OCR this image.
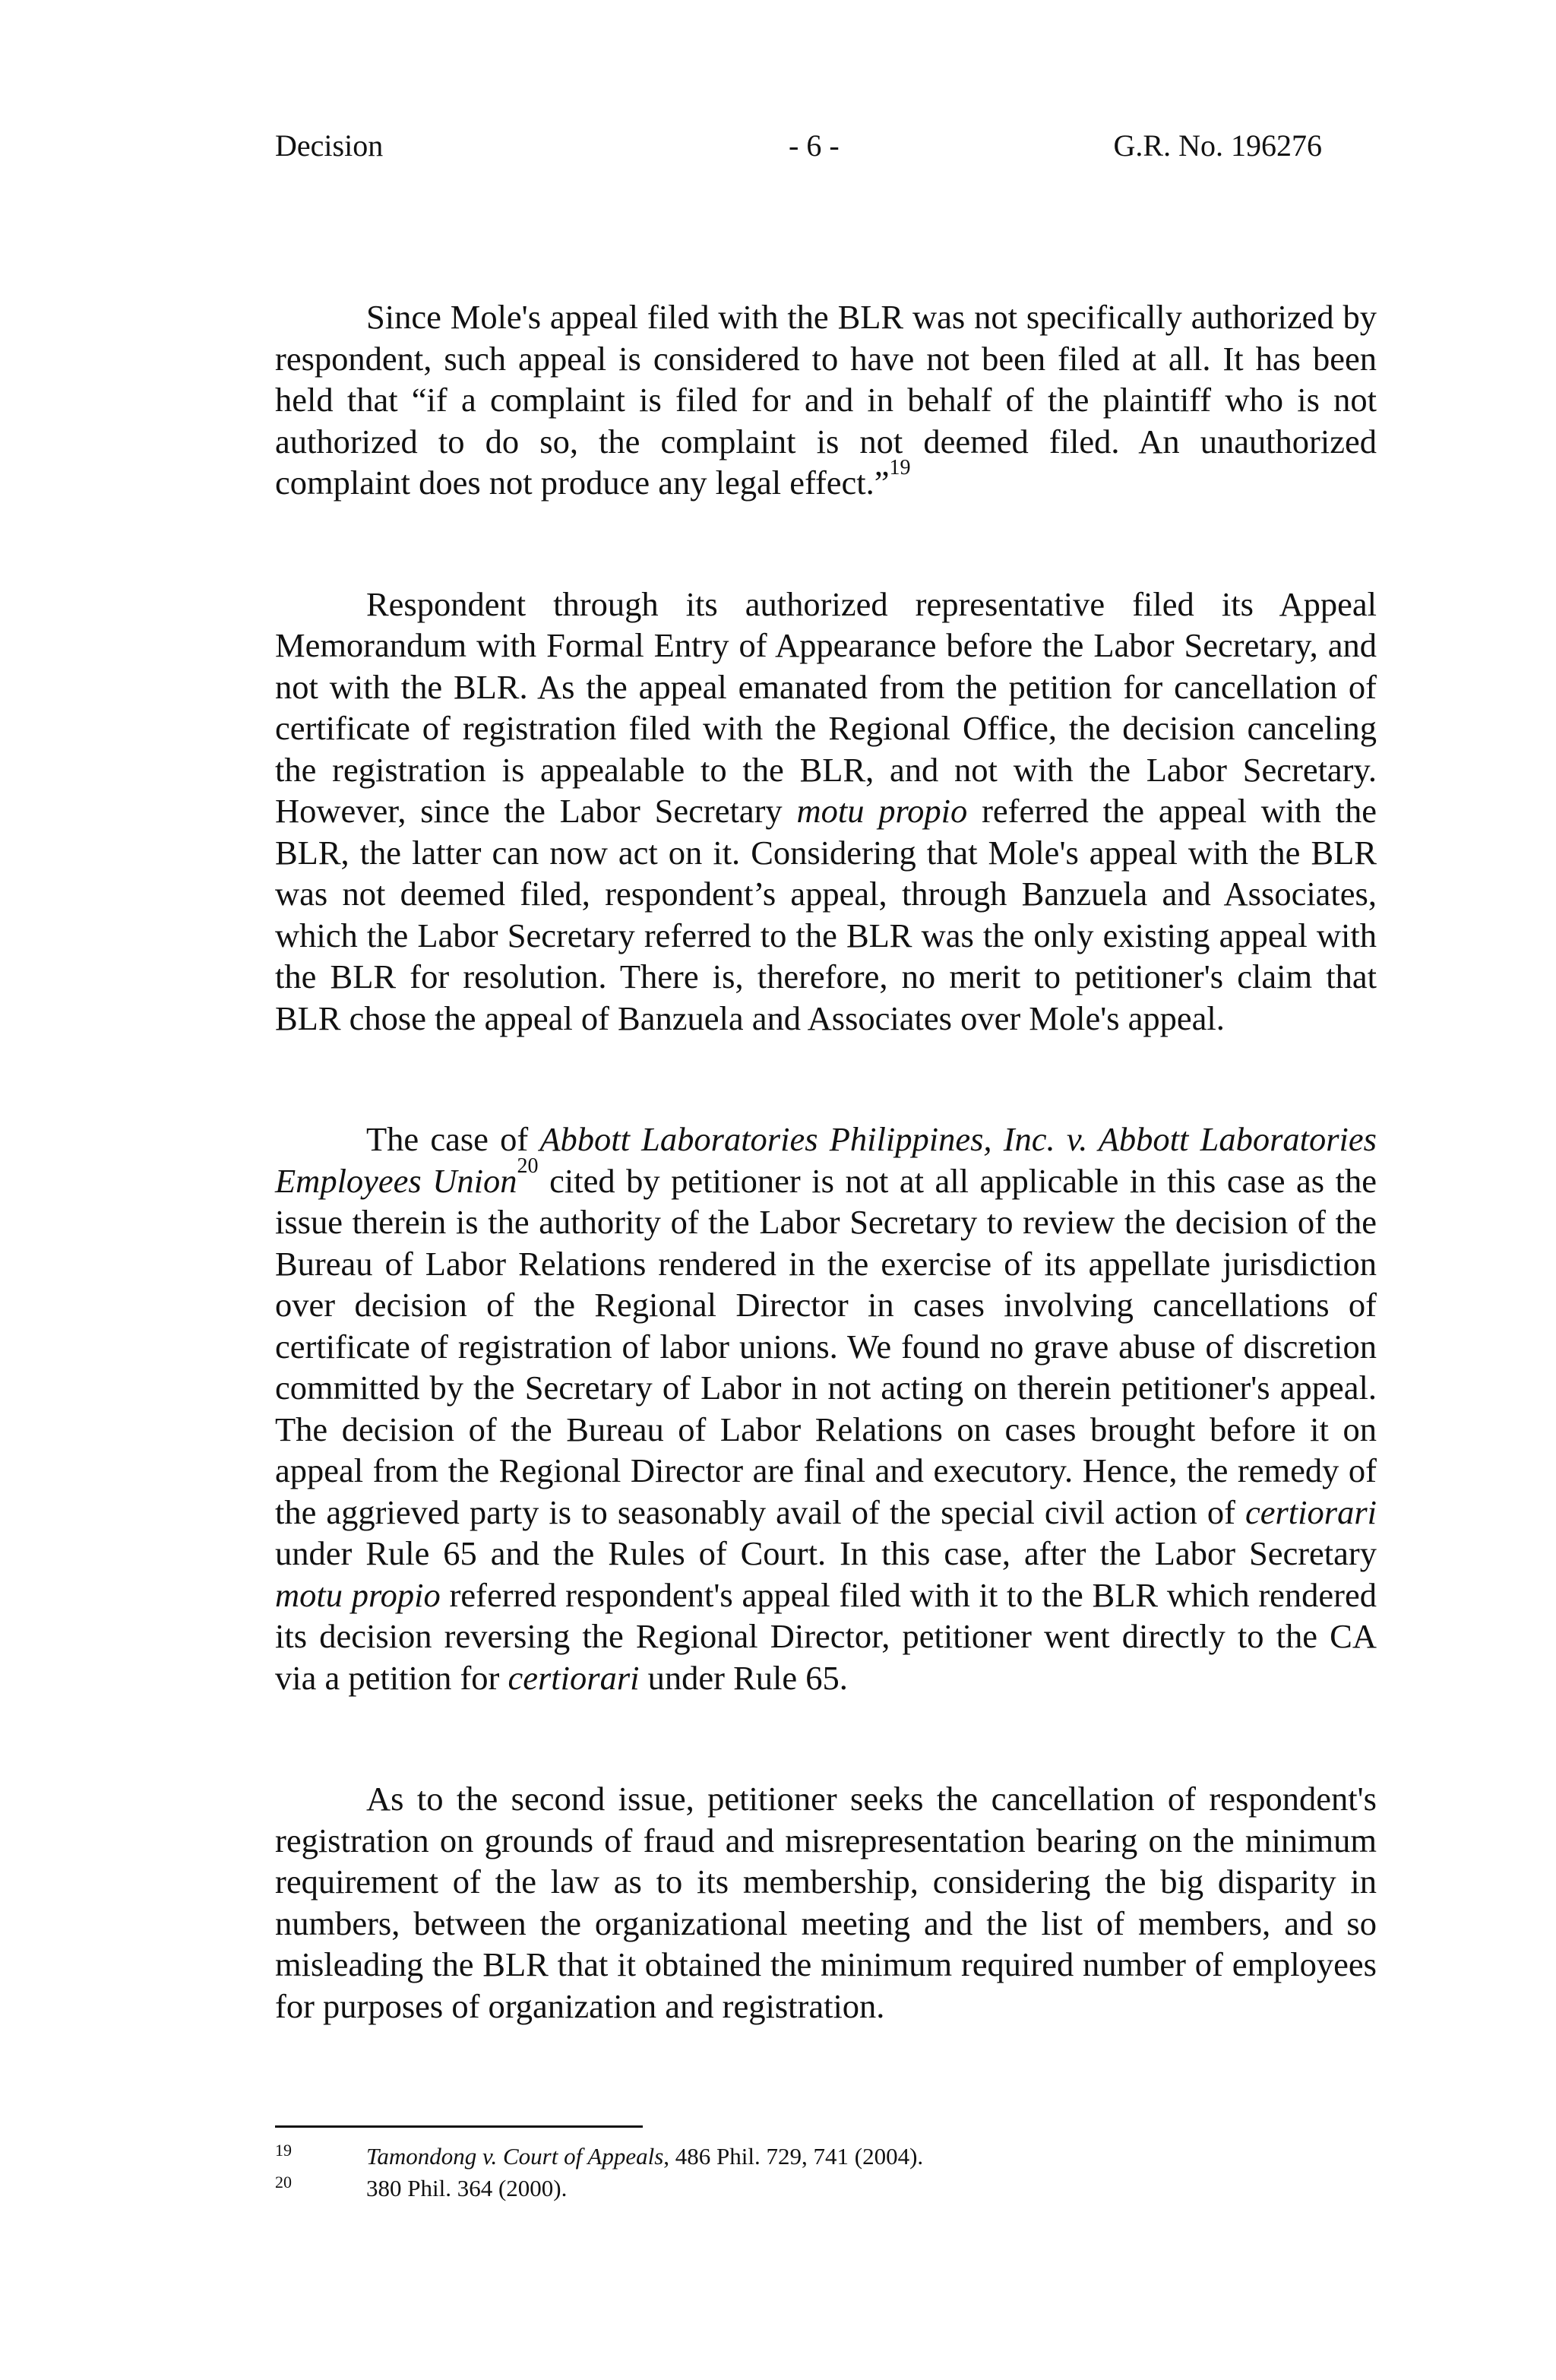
Decision	- 6 -	G.R. No. 196276

Since Mole's appeal filed with the BLR was not specifically authorized by respondent, such appeal is considered to have not been filed at all. It has been held that “if a complaint is filed for and in behalf of the plaintiff who is not authorized to do so, the complaint is not deemed filed. An unauthorized complaint does not produce any legal effect.”$^{19}$

Respondent through its authorized representative filed its Appeal Memorandum with Formal Entry of Appearance before the Labor Secretary, and not with the BLR. As the appeal emanated from the petition for cancellation of certificate of registration filed with the Regional Office, the decision canceling the registration is appealable to the BLR, and not with the Labor Secretary. However, since the Labor Secretary motu propio referred the appeal with the BLR, the latter can now act on it. Considering that Mole's appeal with the BLR was not deemed filed, respondent’s appeal, through Banzuela and Associates, which the Labor Secretary referred to the BLR was the only existing appeal with the BLR for resolution. There is, therefore, no merit to petitioner's claim that BLR chose the appeal of Banzuela and Associates over Mole's appeal.

The case of Abbott Laboratories Philippines, Inc. v. Abbott Laboratories Employees Union$^{20}$ cited by petitioner is not at all applicable in this case as the issue therein is the authority of the Labor Secretary to review the decision of the Bureau of Labor Relations rendered in the exercise of its appellate jurisdiction over decision of the Regional Director in cases involving cancellations of certificate of registration of labor unions. We found no grave abuse of discretion committed by the Secretary of Labor in not acting on therein petitioner's appeal. The decision of the Bureau of Labor Relations on cases brought before it on appeal from the Regional Director are final and executory. Hence, the remedy of the aggrieved party is to seasonably avail of the special civil action of certiorari under Rule 65 and the Rules of Court. In this case, after the Labor Secretary motu propio referred respondent's appeal filed with it to the BLR which rendered its decision reversing the Regional Director, petitioner went directly to the CA via a petition for certiorari under Rule 65.

As to the second issue, petitioner seeks the cancellation of respondent's registration on grounds of fraud and misrepresentation bearing on the minimum requirement of the law as to its membership, considering the big disparity in numbers, between the organizational meeting and the list of members, and so misleading the BLR that it obtained the minimum required number of employees for purposes of organization and registration.

19	Tamondong v. Court of Appeals, 486 Phil. 729, 741 (2004).
20	380 Phil. 364 (2000).
